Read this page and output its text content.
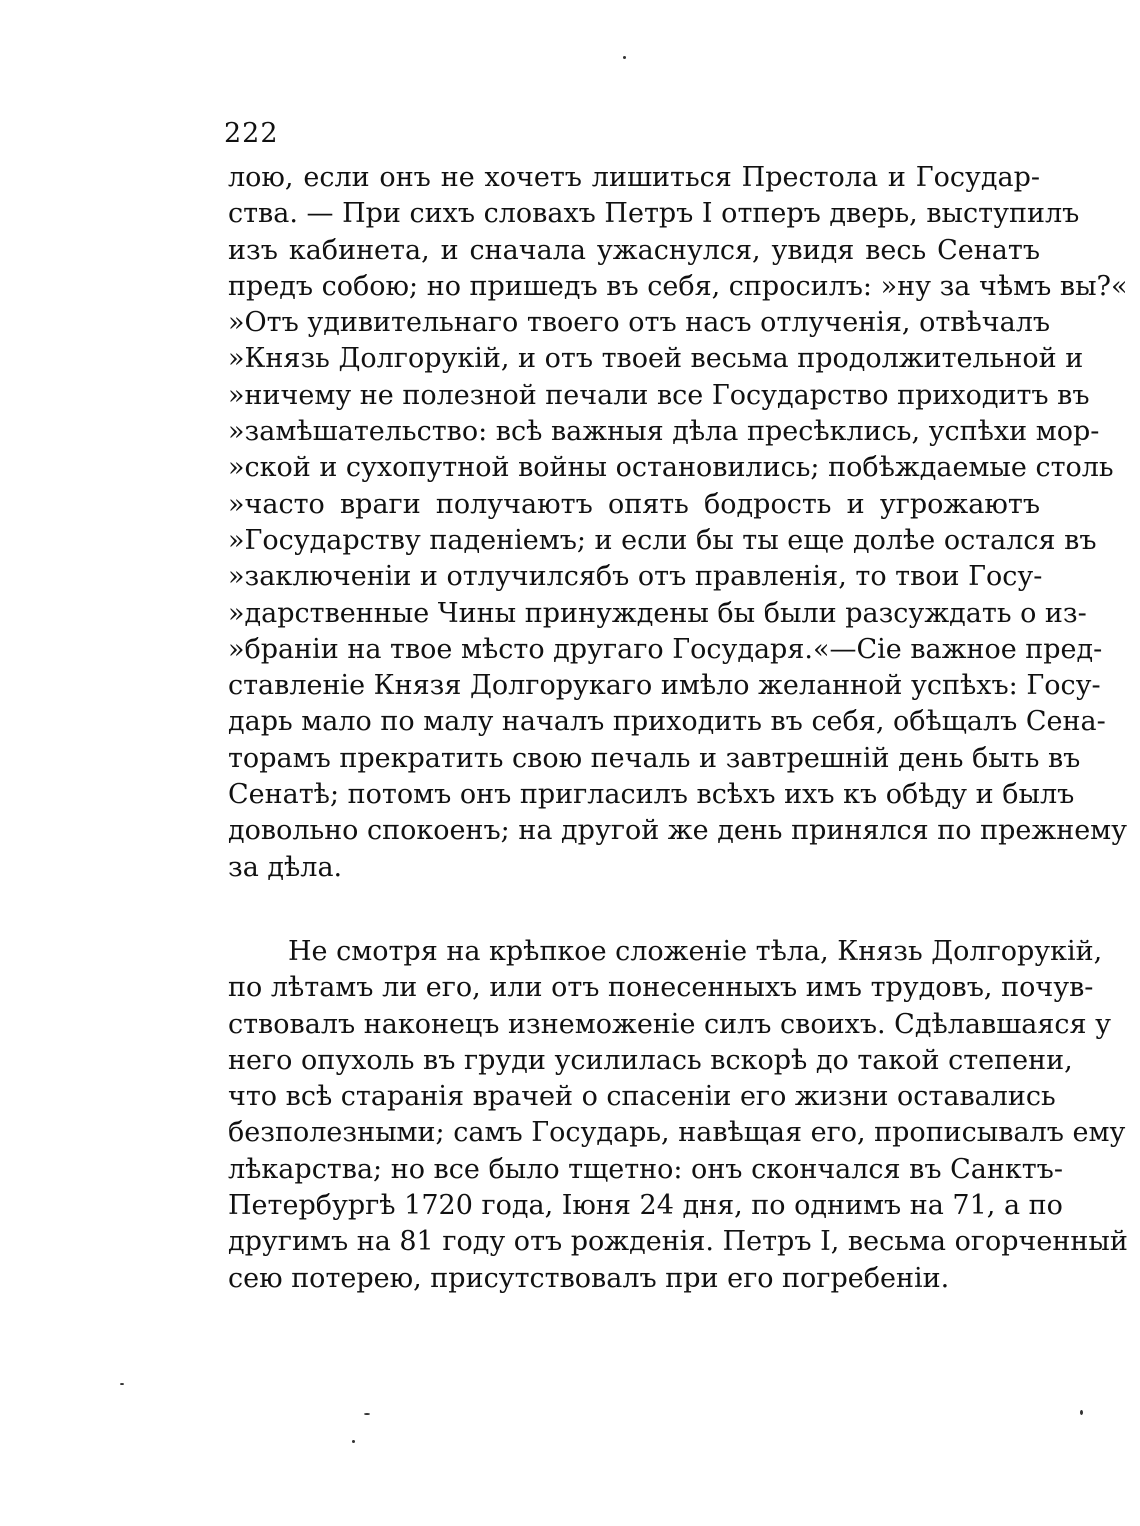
222
лою, если онъ не хочетъ лишиться Престола и Государ-
ства. — При сихъ словахъ Петръ I отперъ дверь, выступилъ
изъ кабинета, и сначала ужаснулся, увидя весь Сенатъ
предъ собою; но пришедъ въ себя, спросилъ: »ну за чѣмъ вы?«
»Отъ удивительнаго твоего отъ насъ отлученія, отвѣчалъ
»Князь Долгорукій, и отъ твоей весьма продолжительной и
»ничему не полезной печали все Государство приходитъ въ
»замѣшательство: всѣ важныя дѣла пресѣклись, успѣхи мор-
»ской и сухопутной войны остановились; побѣждаемые столь
»часто враги получаютъ опять бодрость и угрожаютъ
»Государству паденіемъ; и если бы ты еще долѣе остался въ
»заключеніи и отлучилсябъ отъ правленія, то твои Госу-
»дарственные Чины принуждены бы были разсуждать о из-
»браніи на твое мѣсто другаго Государя.«—Сіе важное пред-
ставленіе Князя Долгорукаго имѣло желанной успѣхъ: Госу-
дарь мало по малу началъ приходить въ себя, обѣщалъ Сена-
торамъ прекратить свою печаль и завтрешній день быть въ
Сенатѣ; потомъ онъ пригласилъ всѣхъ ихъ къ обѣду и былъ
довольно спокоенъ; на другой же день принялся по прежнему
за дѣла.
Не смотря на крѣпкое сложеніе тѣла, Князь Долгорукій,
по лѣтамъ ли его, или отъ понесенныхъ имъ трудовъ, почув-
ствовалъ наконецъ изнеможеніе силъ своихъ. Сдѣлавшаяся у
него опухоль въ груди усилилась вскорѣ до такой степени,
что всѣ старанія врачей о спасеніи его жизни оставались
безполезными; самъ Государь, навѣщая его, прописывалъ ему
лѣкарства; но все было тщетно: онъ скончался въ Санктъ-
Петербургѣ 1720 года, Іюня 24 дня, по однимъ на 71, а по
другимъ на 81 году отъ рожденія. Петръ I, весьма огорченный
сею потерею, присутствовалъ при его погребеніи.
